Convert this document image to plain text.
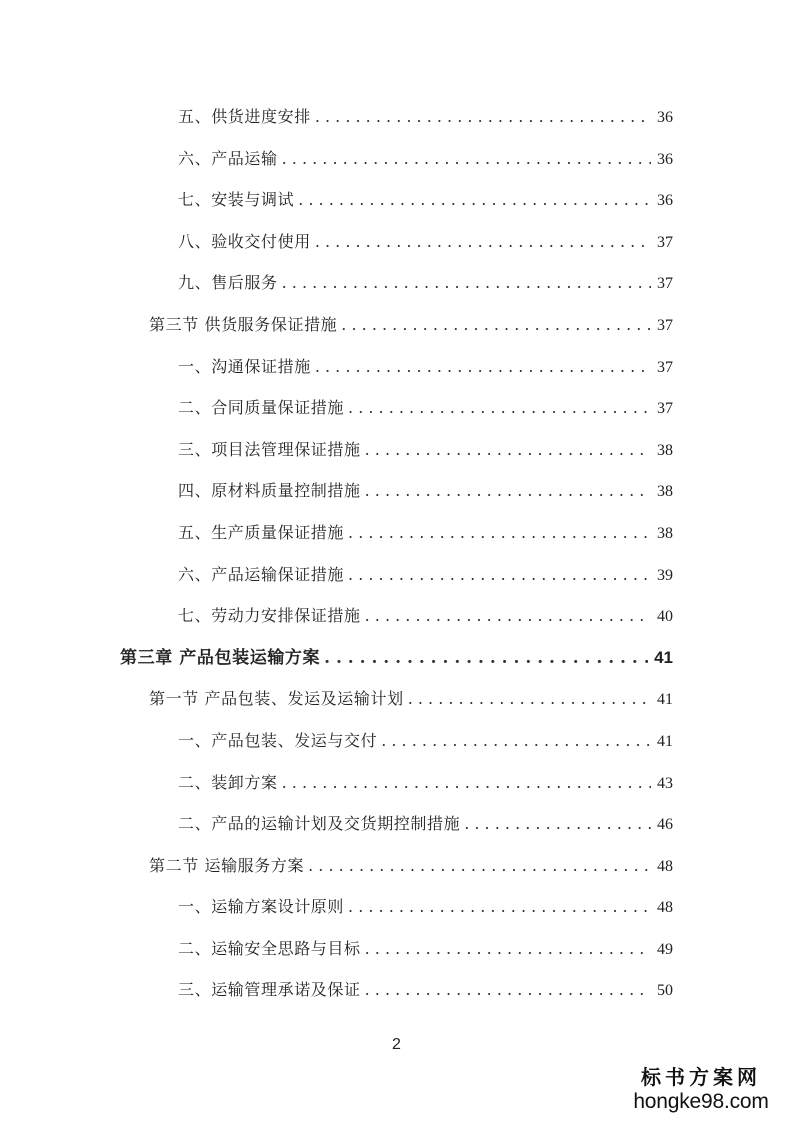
五、供货进度安排 . . .	36
六、产品运输 . . .	36
七、安装与调试 . . .	36
八、验收交付使用 . . .	37
九、售后服务 . . .	37
第三节 供货服务保证措施 . . .	37
一、沟通保证措施 . . .	37
二、合同质量保证措施 . . .	37
三、项目法管理保证措施 . . .	38
四、原材料质量控制措施 . . .	38
五、生产质量保证措施 . . .	38
六、产品运输保证措施 . . .	39
七、劳动力安排保证措施 . . .	40
第三章 产品包装运输方案 . . .	41
第一节 产品包装、发运及运输计划 . . .	41
一、产品包装、发运与交付 . . .	41
二、装卸方案 . . .	43
二、产品的运输计划及交货期控制措施 . . .	46
第二节 运输服务方案 . . .	48
一、运输方案设计原则 . . .	48
二、运输安全思路与目标 . . .	49
三、运输管理承诺及保证 . . .	50
2
标书方案网
hongke98.com
